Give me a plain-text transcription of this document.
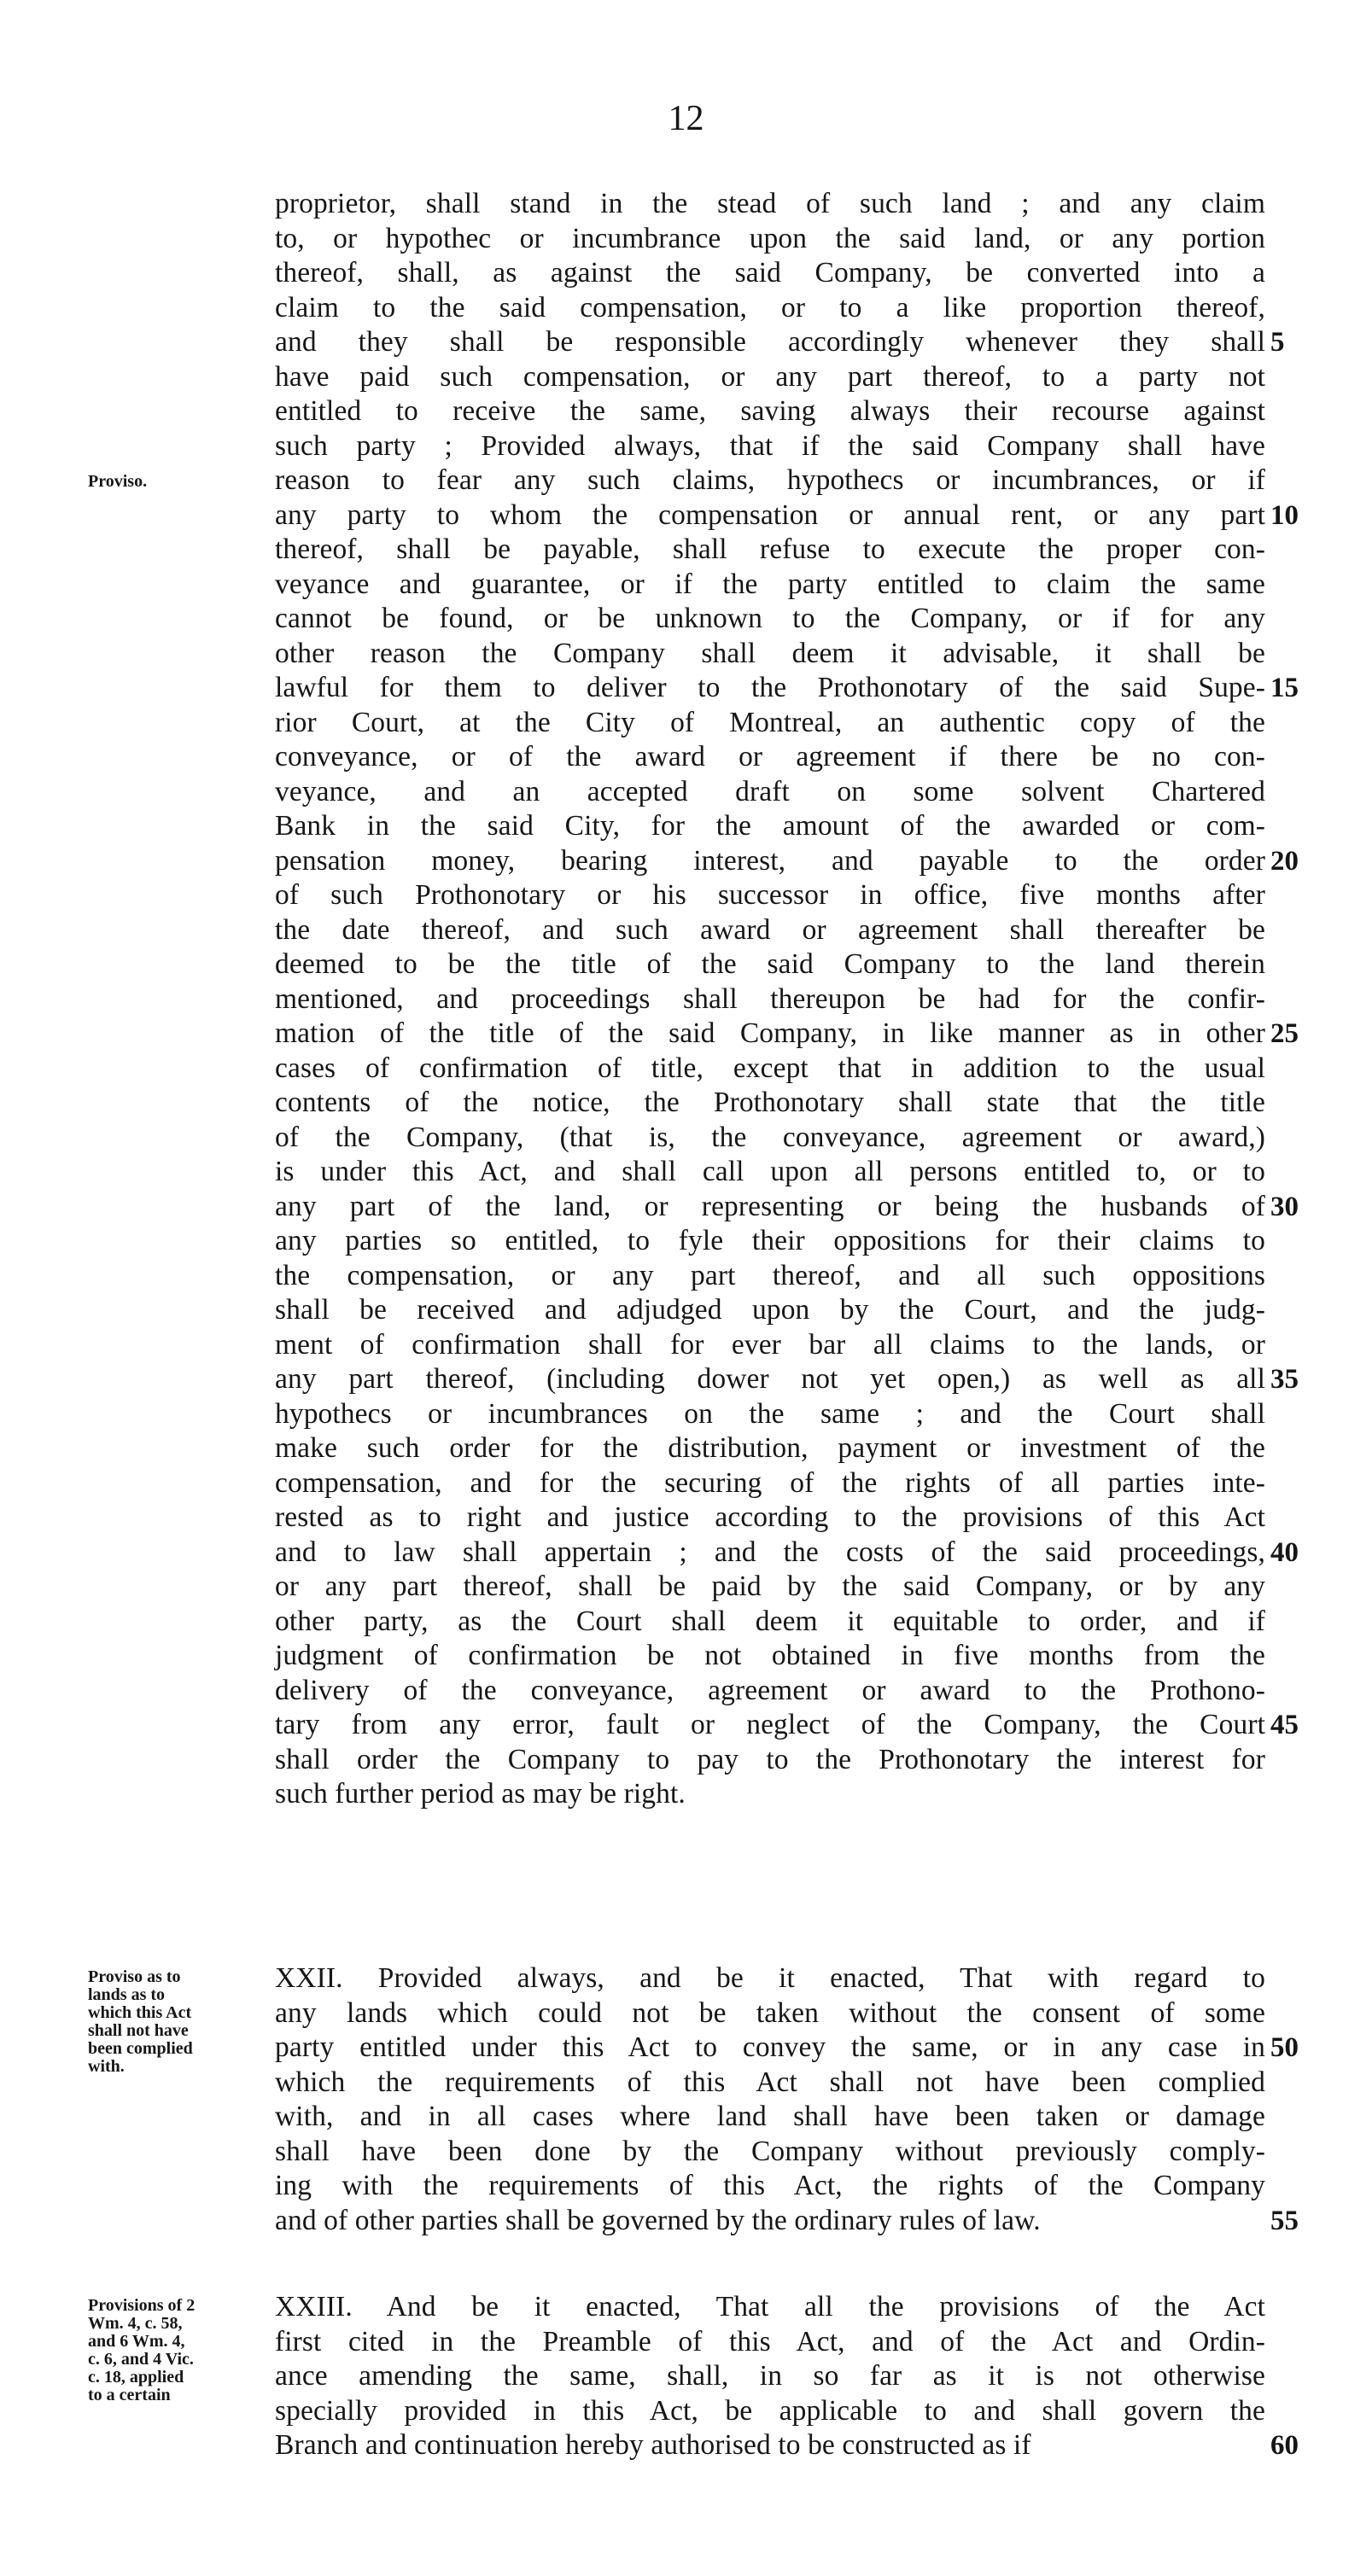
12
proprietor, shall stand in the stead of such land ; and any claim
to, or hypothec or incumbrance upon the said land, or any portion
thereof, shall, as against the said Company, be converted into a
claim to the said compensation, or to a like proportion thereof,
and they shall be responsible accordingly whenever they shall
have paid such compensation, or any part thereof, to a party not
entitled to receive the same, saving always their recourse against
such party ; Provided always, that if the said Company shall have
reason to fear any such claims, hypothecs or incumbrances, or if
any party to whom the compensation or annual rent, or any part
thereof, shall be payable, shall refuse to execute the proper con-
veyance and guarantee, or if the party entitled to claim the same
cannot be found, or be unknown to the Company, or if for any
other reason the Company shall deem it advisable, it shall be
lawful for them to deliver to the Prothonotary of the said Supe-
rior Court, at the City of Montreal, an authentic copy of the
conveyance, or of the award or agreement if there be no con-
veyance, and an accepted draft on some solvent Chartered
Bank in the said City, for the amount of the awarded or com-
pensation money, bearing interest, and payable to the order
of such Prothonotary or his successor in office, five months after
the date thereof, and such award or agreement shall thereafter be
deemed to be the title of the said Company to the land therein
mentioned, and proceedings shall thereupon be had for the confir-
mation of the title of the said Company, in like manner as in other
cases of confirmation of title, except that in addition to the usual
contents of the notice, the Prothonotary shall state that the title
of the Company, (that is, the conveyance, agreement or award,)
is under this Act, and shall call upon all persons entitled to, or to
any part of the land, or representing or being the husbands of
any parties so entitled, to fyle their oppositions for their claims to
the compensation, or any part thereof, and all such oppositions
shall be received and adjudged upon by the Court, and the judg-
ment of confirmation shall for ever bar all claims to the lands, or
any part thereof, (including dower not yet open,) as well as all
hypothecs or incumbrances on the same ; and the Court shall
make such order for the distribution, payment or investment of the
compensation, and for the securing of the rights of all parties inte-
rested as to right and justice according to the provisions of this Act
and to law shall appertain ; and the costs of the said proceedings,
or any part thereof, shall be paid by the said Company, or by any
other party, as the Court shall deem it equitable to order, and if
judgment of confirmation be not obtained in five months from the
delivery of the conveyance, agreement or award to the Prothono-
tary from any error, fault or neglect of the Company, the Court
shall order the Company to pay to the Prothonotary the interest for
such further period as may be right.
XXII. Provided always, and be it enacted, That with regard to
any lands which could not be taken without the consent of some
party entitled under this Act to convey the same, or in any case in
which the requirements of this Act shall not have been complied
with, and in all cases where land shall have been taken or damage
shall have been done by the Company without previously comply-
ing with the requirements of this Act, the rights of the Company
and of other parties shall be governed by the ordinary rules of law.
XXIII. And be it enacted, That all the provisions of the Act
first cited in the Preamble of this Act, and of the Act and Ordin-
ance amending the same, shall, in so far as it is not otherwise
specially provided in this Act, be applicable to and shall govern the
Branch and continuation hereby authorised to be constructed as if
Proviso.
Proviso as to
lands as to
which this Act
shall not have
been complied
with.
Provisions of 2
Wm. 4, c. 58,
and 6 Wm. 4,
c. 6, and 4 Vic.
c. 18, applied
to a certain
5
10
15
20
25
30
35
40
45
50
55
60
